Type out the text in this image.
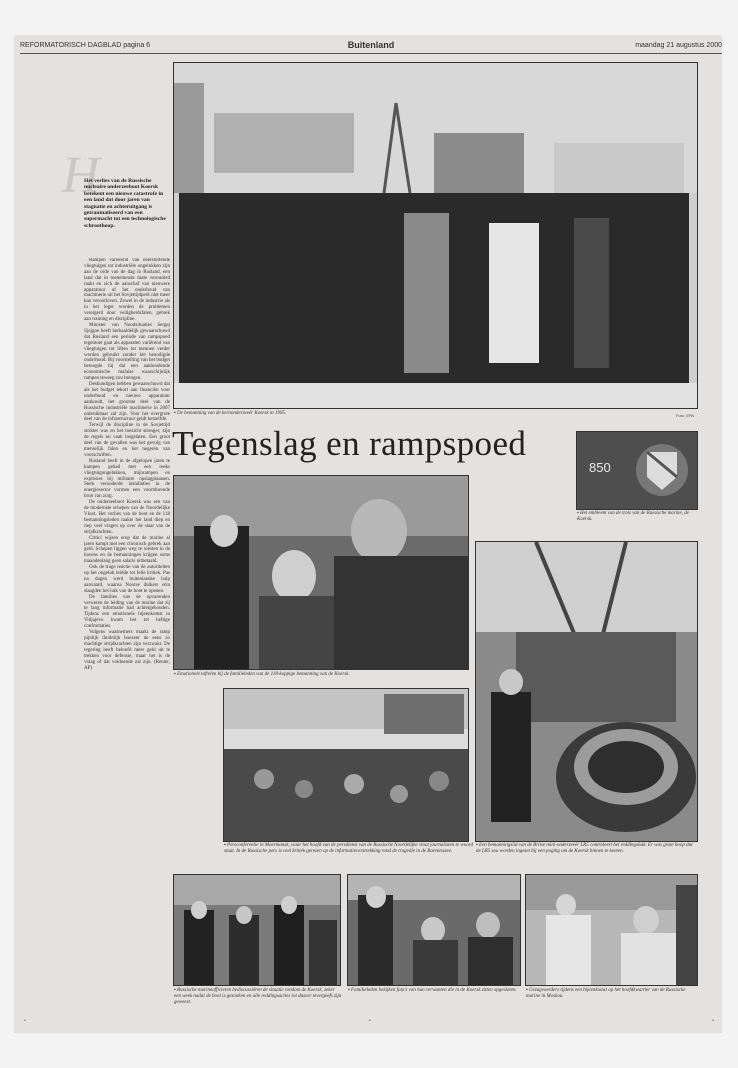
REFORMATORISCH DAGBLAD pagina 6	Buitenland	maandag 21 augustus 2000
H
Het verlies van de Russische nucleaire onderzeeboot Koersk betekent een nieuwe catastrofe in een land dat door jaren van stagnatie en achteruitgang is getraumatiseerd van een supermacht tot een technologische schroothoop.

Rampen variërend van neerstortende vliegtuigen tot industriële ongelukken zijn aan de orde van de dag in Rusland, een land dat in toenemende mate verouderd raakt en zich de aanschaf van nieuwere apparatuur of het onderhoud van machinerie uit het Sovjettijdperk niet meer kan veroorloven. Zowel in de industrie als in het leger worden de problemen verergerd door veiligheidsfalen, gebrek aan training en discipline.

Minister van Noodsituaties Sergej Sjojgoe heeft herhaaldelijk gewaarschuwd dat Rusland een periode van rampspoed tegemoet gaat als apparaten variërend van vliegtuigen tot liften tot mennen verder worden gebruikt zonder het benodigde onderhoud. Bij voorstelling van het budget betoogde hij dat een aanhoudende economische malaise waarschijnlijk rampen teweeg zou brengen.

Deskundigen hebben gewaarschuwd dat als het budget tekort aan financiën voor onderhoud en nieuwe apparatuur aanhoudt, het grootste deel van de Russische industriële machinerie in 2007 onbruikbaar zal zijn. Voor het overgrote deel van de infrastructuur geldt hetzelfde.

Terwijl de discipline in de Sovjettijd strikter was en het toezicht strenger, zijn de regels nu vaak losgelaten. Een groot deel van de gevallen was het gevolg van menselijk falen en het negeren van voorschriften.

Rusland heeft in de afgelopen jaren te kampen gehad met een reeks vliegtuigongelukken, mijnrampen en explosies bij militaire opslagplaatsen. Sterk verouderde installaties in de energiesector vormen een voortdurende bron van zorg.

De onderzeeboot Koersk was een van de modernste schepen van de Noordelijke Vloot. Het verlies van de boot en de 118 bemanningsleden raakte het land diep en riep veel vragen op over de staat van de strijdkrachten.

Critici wijzen erop dat de marine al jaren kampt met een chronisch gebrek aan geld. Schepen liggen weg te roesten in de havens en de bemanningen krijgen soms maandenlang geen salaris uitbetaald.

Ook de trage reactie van de autoriteiten op het ongeluk leidde tot felle kritiek. Pas na dagen werd buitenlandse hulp aanvaard, waarna Noorse duikers erin slaagden het luik van de boot te openen.

De families van de opvarenden verweten de leiding van de marine dat zij te lang informatie had achtergehouden. Tijdens een emotionele bijeenkomst in Vidjajevo kwam het tot heftige confrontaties.

Volgens waarnemers maakt de ramp pijnlijk duidelijk hoezeer de eens zo machtige strijdkrachten zijn verzwakt. De regering heeft beloofd meer geld uit te trekken voor defensie, maar het is de vraag of dat voldoende zal zijn. (Reuter, AP)

▪ De bemanning van de kernonderzeeër Koersk in 1995.	Foto: EPA
Tegenslag en rampspoed
850
▪ Het embleem van de trots van de Russische marine, de Koersk.
▪ Emotionele tafrelen bij de familieleden van de 118-koppige bemanning van de Koersk.
▪ Een bemanningslid van de Britse mini-onderzeeër LR5 controleert het reddingsluik. Er was grote hoop dat de LR5 zou worden ingezet bij een poging om de Koersk binnen te komen.
▪ Persconferentie in Moermansk, waar het hoofd van de persdienst van de Russische Noordelijke vloot journalisten te woord staat. In de Russische pers is veel kritiek gerezen op de informatieverstrekking rond de tragedie in de Barentszzee.
▪ Russische marineofficieren bediscussiëren de situatie rondom de Koersk, zeker een week nadat de boot is gezonken en alle reddingsacties tot dusver tevergeefs zijn geweest.
▪ Familieleden bekijken foto's van hun verwanten die in de Koersk zitten opgesloten.	▪ Gezagvoerders tijdens een bijeenkomst op het hoofdkwartier van de Russische marine in Moskou.
•	•	•
